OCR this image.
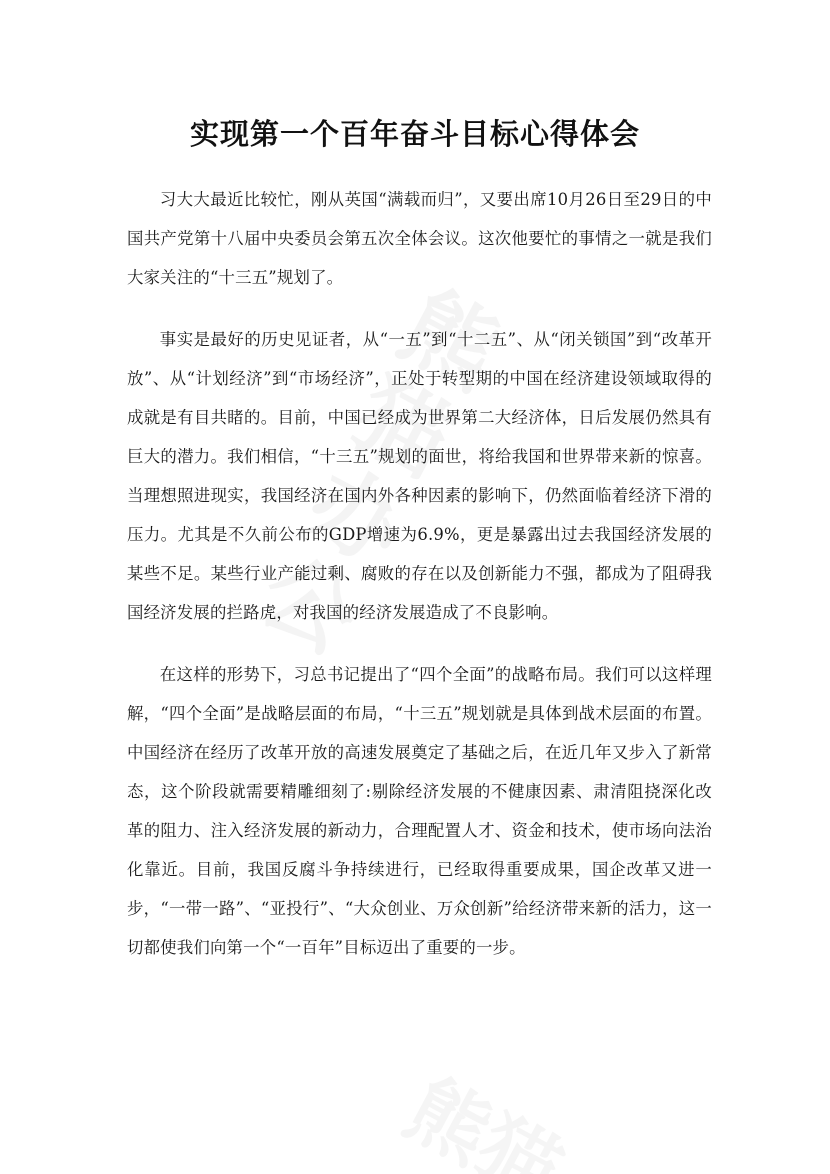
实现第一个百年奋斗目标心得体会

习大大最近比较忙，刚从英国“满载而归”，又要出席10月26日至29日的中国共产党第十八届中央委员会第五次全体会议。这次他要忙的事情之一就是我们大家关注的“十三五”规划了。

事实是最好的历史见证者，从“一五”到“十二五”、从“闭关锁国”到“改革开放”、从“计划经济”到“市场经济”，正处于转型期的中国在经济建设领域取得的成就是有目共睹的。目前，中国已经成为世界第二大经济体，日后发展仍然具有巨大的潜力。我们相信，“十三五”规划的面世，将给我国和世界带来新的惊喜。 当理想照进现实，我国经济在国内外各种因素的影响下，仍然面临着经济下滑的压力。尤其是不久前公布的GDP增速为6.9%，更是暴露出过去我国经济发展的某些不足。某些行业产能过剩、腐败的存在以及创新能力不强，都成为了阻碍我国经济发展的拦路虎，对我国的经济发展造成了不良影响。

在这样的形势下，习总书记提出了“四个全面”的战略布局。我们可以这样理解，“四个全面”是战略层面的布局，“十三五”规划就是具体到战术层面的布置。中国经济在经历了改革开放的高速发展奠定了基础之后，在近几年又步入了新常态，这个阶段就需要精雕细刻了:剔除经济发展的不健康因素、肃清阻挠深化改革的阻力、注入经济发展的新动力，合理配置人才、资金和技术，使市场向法治化靠近。目前，我国反腐斗争持续进行，已经取得重要成果，国企改革又进一步，“一带一路”、“亚投行”、“大众创业、万众创新”给经济带来新的活力，这一切都使我们向第一个“一百年”目标迈出了重要的一步。
